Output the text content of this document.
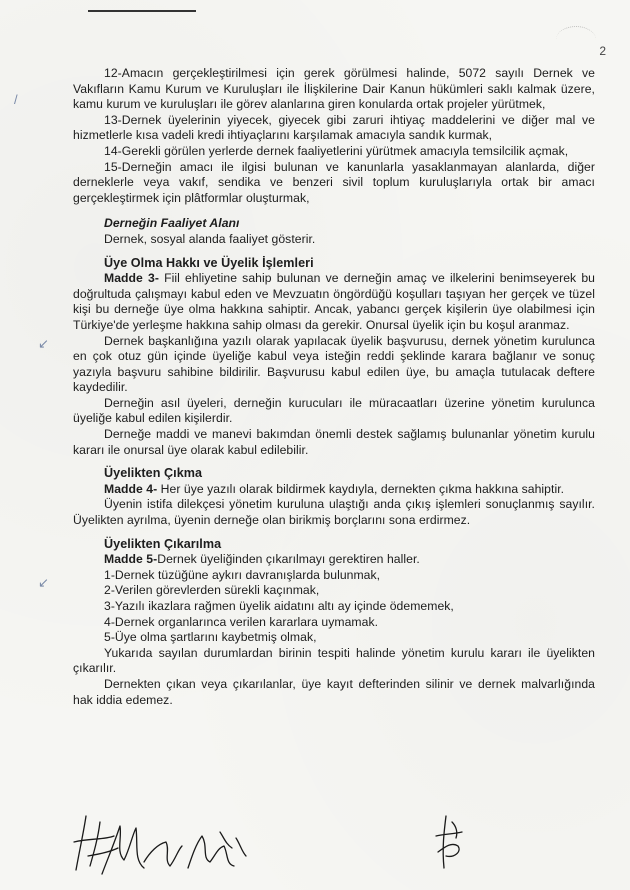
2
/
↙
↙

12-Amacın gerçekleştirilmesi için gerek görülmesi halinde, 5072 sayılı Dernek ve Vakıfların Kamu Kurum ve Kuruluşları ile İlişkilerine Dair Kanun hükümleri saklı kalmak üzere, kamu kurum ve kuruluşları ile görev alanlarına giren konularda ortak projeler yürütmek,

13-Dernek üyelerinin yiyecek, giyecek gibi zaruri ihtiyaç maddelerini ve diğer mal ve hizmetlerle kısa vadeli kredi ihtiyaçlarını karşılamak amacıyla sandık kurmak,

14-Gerekli görülen yerlerde dernek faaliyetlerini yürütmek amacıyla temsilcilik açmak,

15-Derneğin amacı ile ilgisi bulunan ve kanunlarla yasaklanmayan alanlarda, diğer derneklerle veya vakıf, sendika ve benzeri sivil toplum kuruluşlarıyla ortak bir amacı gerçekleştirmek için plâtformlar oluşturmak,

Derneğin Faaliyet Alanı

Dernek, sosyal alanda faaliyet gösterir.

Üye Olma Hakkı ve Üyelik İşlemleri

Madde 3- Fiil ehliyetine sahip bulunan ve derneğin amaç ve ilkelerini benimseyerek bu doğrultuda çalışmayı kabul eden ve Mevzuatın öngördüğü koşulları taşıyan her gerçek ve tüzel kişi bu derneğe üye olma hakkına sahiptir. Ancak, yabancı gerçek kişilerin üye olabilmesi için Türkiye'de yerleşme hakkına sahip olması da gerekir. Onursal üyelik için bu koşul aranmaz.

Dernek başkanlığına yazılı olarak yapılacak üyelik başvurusu, dernek yönetim kurulunca en çok otuz gün içinde üyeliğe kabul veya isteğin reddi şeklinde karara bağlanır ve sonuç yazıyla başvuru sahibine bildirilir. Başvurusu kabul edilen üye, bu amaçla tutulacak deftere kaydedilir.

Derneğin asıl üyeleri, derneğin kurucuları ile müracaatları üzerine yönetim kurulunca üyeliğe kabul edilen kişilerdir.

Derneğe maddi ve manevi bakımdan önemli destek sağlamış bulunanlar yönetim kurulu kararı ile onursal üye olarak kabul edilebilir.

Üyelikten Çıkma

Madde 4- Her üye yazılı olarak bildirmek kaydıyla, dernekten çıkma hakkına sahiptir.

Üyenin istifa dilekçesi yönetim kuruluna ulaştığı anda çıkış işlemleri sonuçlanmış sayılır. Üyelikten ayrılma, üyenin derneğe olan birikmiş borçlarını sona erdirmez.

Üyelikten Çıkarılma

Madde 5-Dernek üyeliğinden çıkarılmayı gerektiren haller.

1-Dernek tüzüğüne aykırı davranışlarda bulunmak,

2-Verilen görevlerden sürekli kaçınmak,

3-Yazılı ikazlara rağmen üyelik aidatını altı ay içinde ödememek,

4-Dernek organlarınca verilen kararlara uymamak.

5-Üye olma şartlarını kaybetmiş olmak,

Yukarıda sayılan durumlardan birinin tespiti halinde yönetim kurulu kararı ile üyelikten çıkarılır.

Dernekten çıkan veya çıkarılanlar, üye kayıt defterinden silinir ve dernek malvarlığında hak iddia edemez.
